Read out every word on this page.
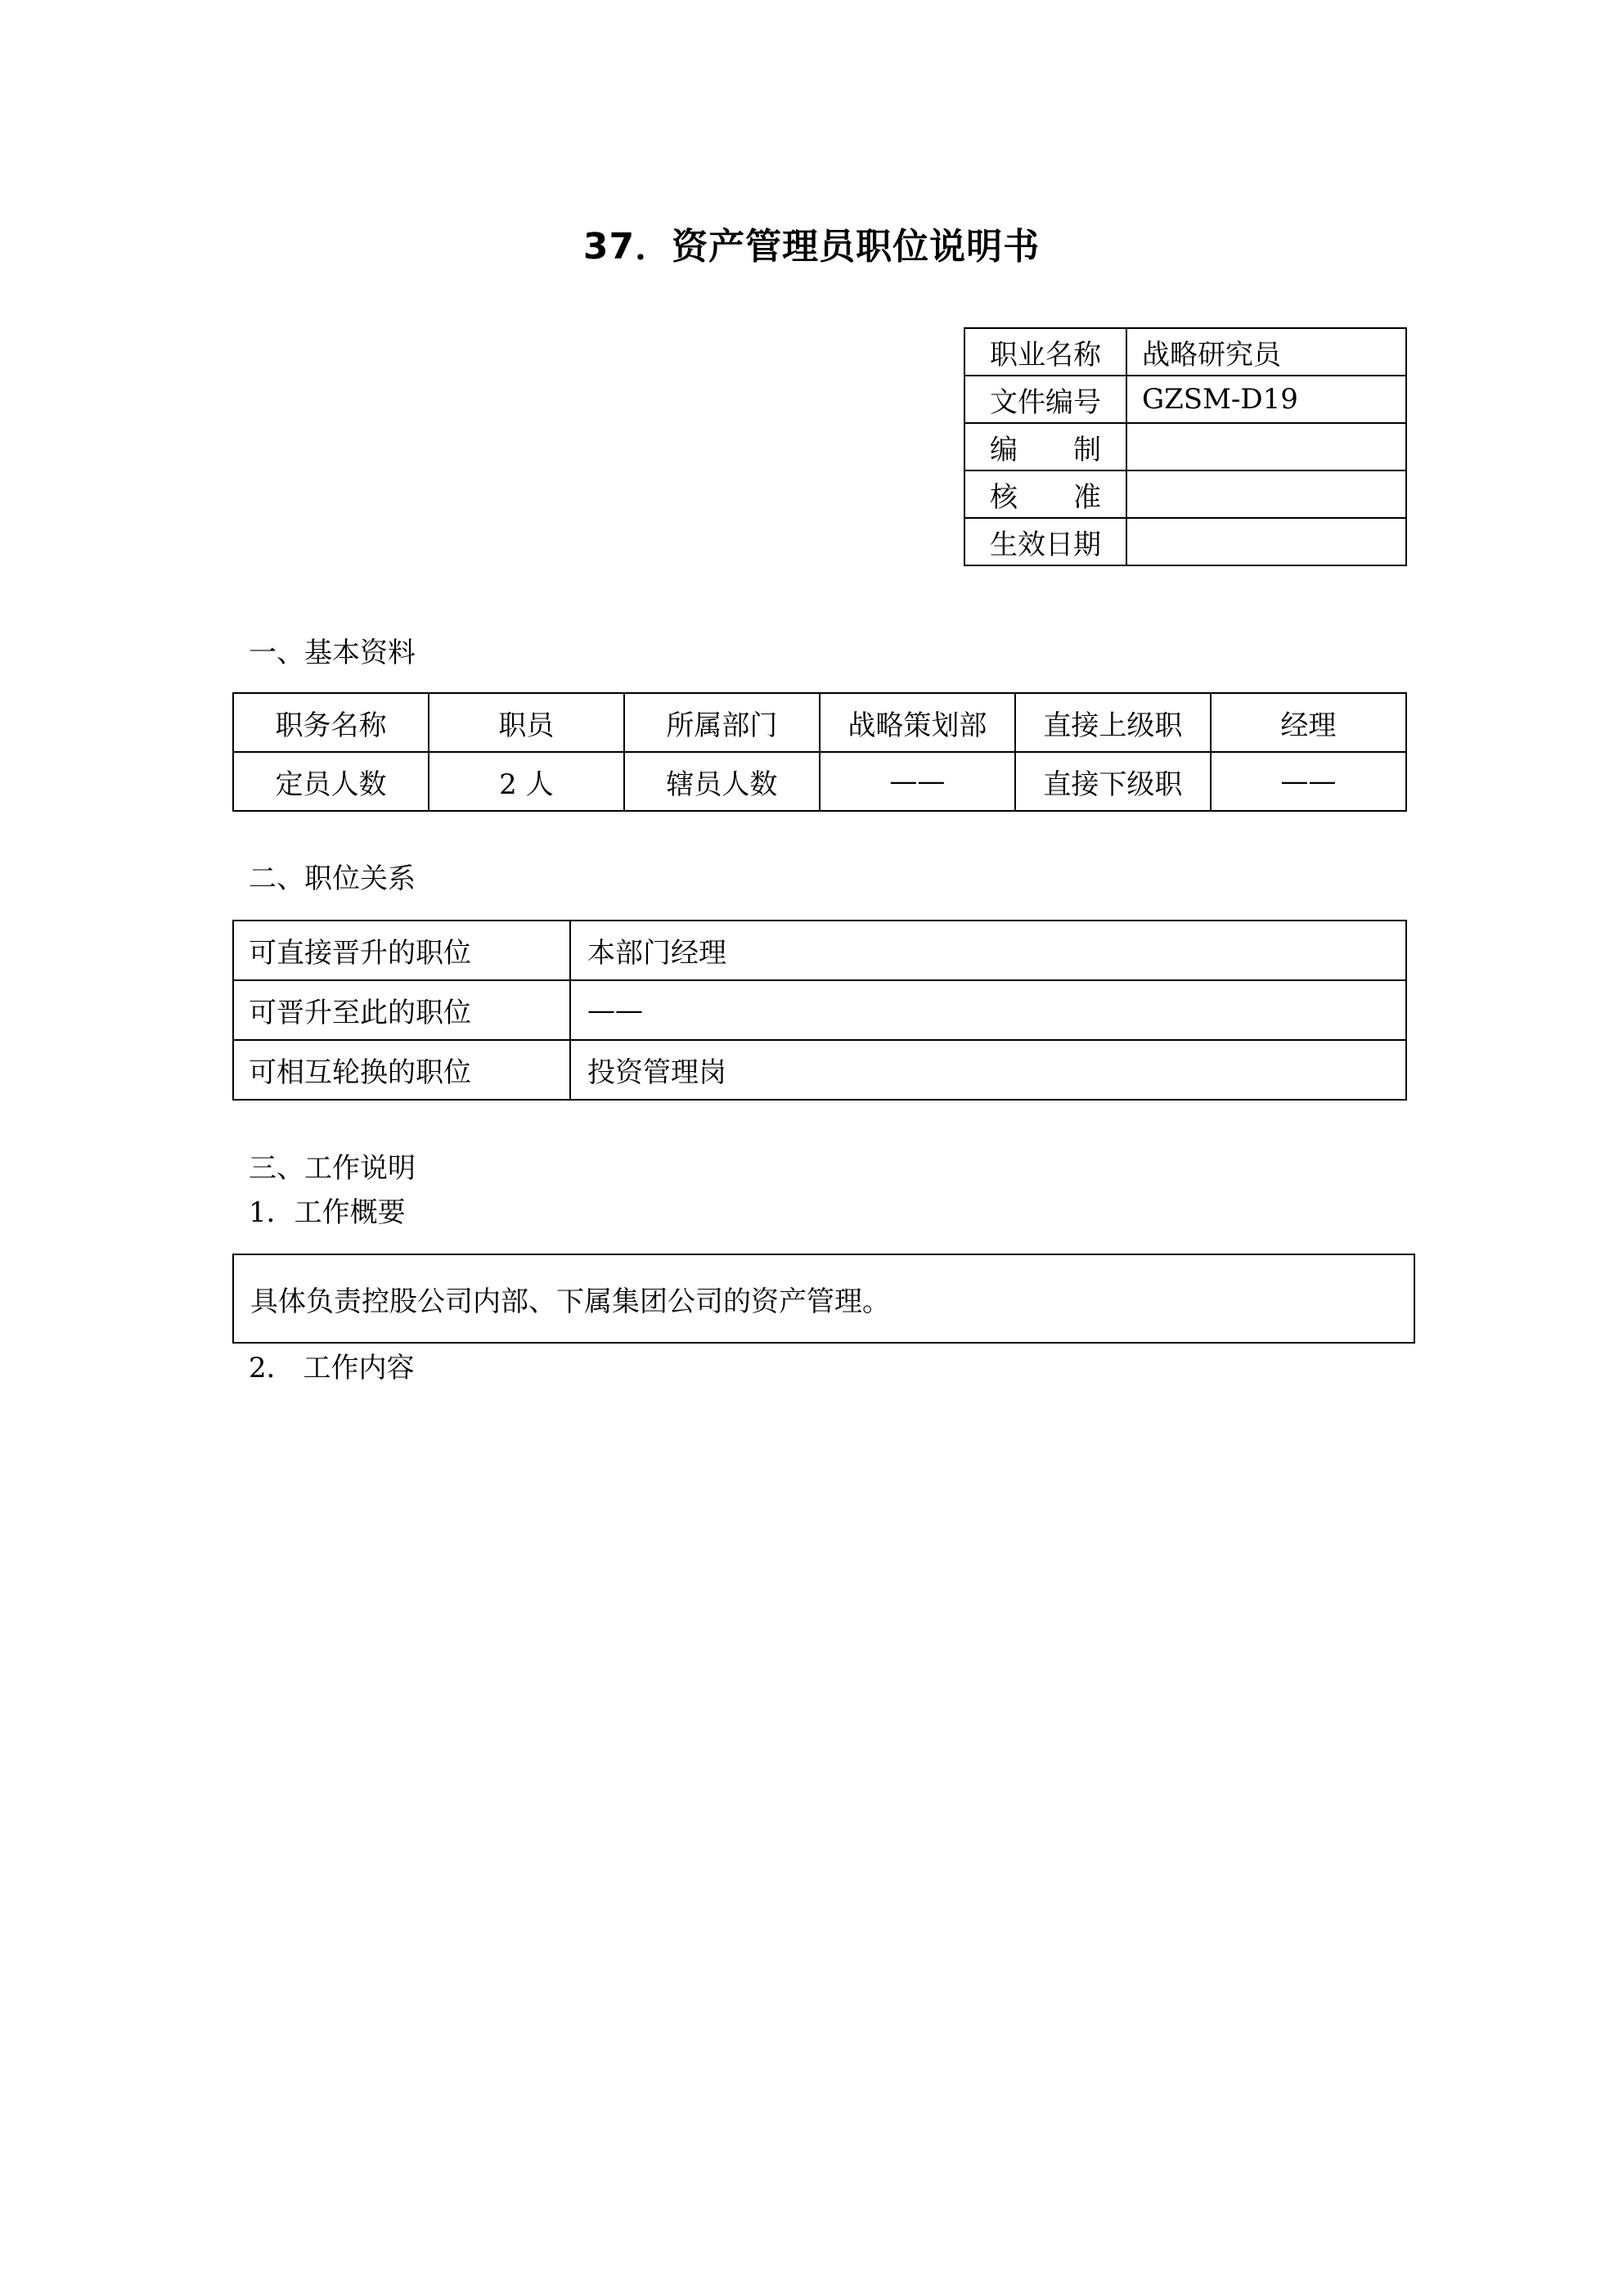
37．资产管理员职位说明书
职业名称	战略研究员
文件编号	GZSM-D19
编　　制	
核　　准	
生效日期	
一、基本资料
职务名称	职员	所属部门	战略策划部	直接上级职	经理
定员人数	2 人	辖员人数	——	直接下级职	——
二、职位关系
可直接晋升的职位	本部门经理
可晋升至此的职位	——
可相互轮换的职位	投资管理岗
三、工作说明
1．工作概要
具体负责控股公司内部、下属集团公司的资产管理。
2． 工作内容
